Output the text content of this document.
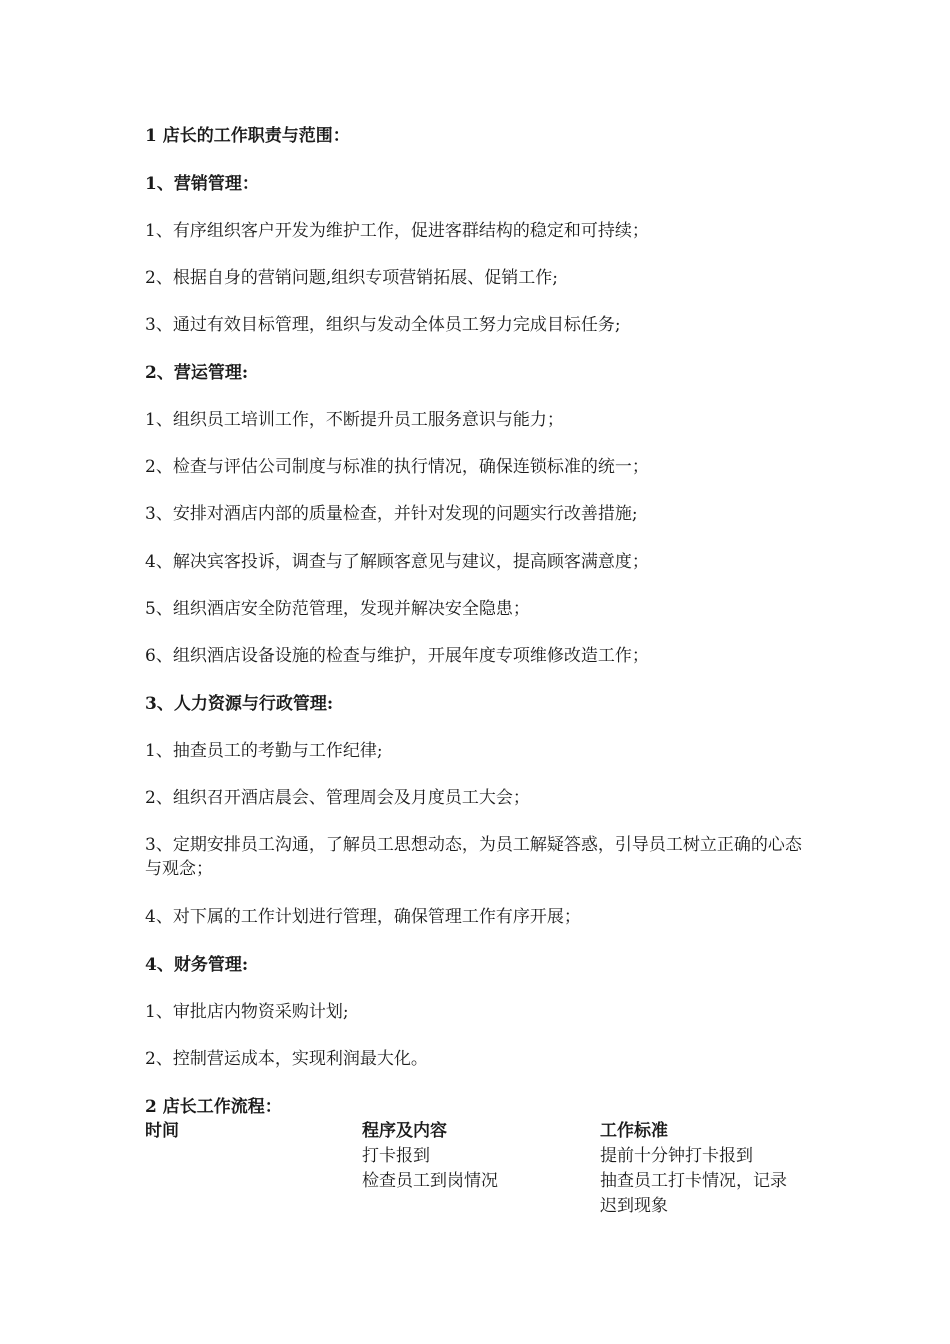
1 店长的工作职责与范围：
1、营销管理：
1、有序组织客户开发为维护工作，促进客群结构的稳定和可持续；
2、根据自身的营销问题,组织专项营销拓展、促销工作;
3、通过有效目标管理，组织与发动全体员工努力完成目标任务;
2、营运管理:
1、组织员工培训工作，不断提升员工服务意识与能力；
2、检查与评估公司制度与标准的执行情况，确保连锁标准的统一；
3、安排对酒店内部的质量检查，并针对发现的问题实行改善措施;
4、解决宾客投诉，调查与了解顾客意见与建议，提高顾客满意度；
5、组织酒店安全防范管理，发现并解决安全隐患；
6、组织酒店设备设施的检查与维护，开展年度专项维修改造工作；
3、人力资源与行政管理:
1、抽查员工的考勤与工作纪律;
2、组织召开酒店晨会、管理周会及月度员工大会；
3、定期安排员工沟通，了解员工思想动态，为员工解疑答惑，引导员工树立正确的心态与观念；
4、对下属的工作计划进行管理，确保管理工作有序开展；
4、财务管理:
1、审批店内物资采购计划;
2、控制营运成本，实现利润最大化。
2 店长工作流程：
时间	程序及内容
打卡报到
检查员工到岗情况
工作标准
提前十分钟打卡报到
抽查员工打卡情况，记录迟到现象
